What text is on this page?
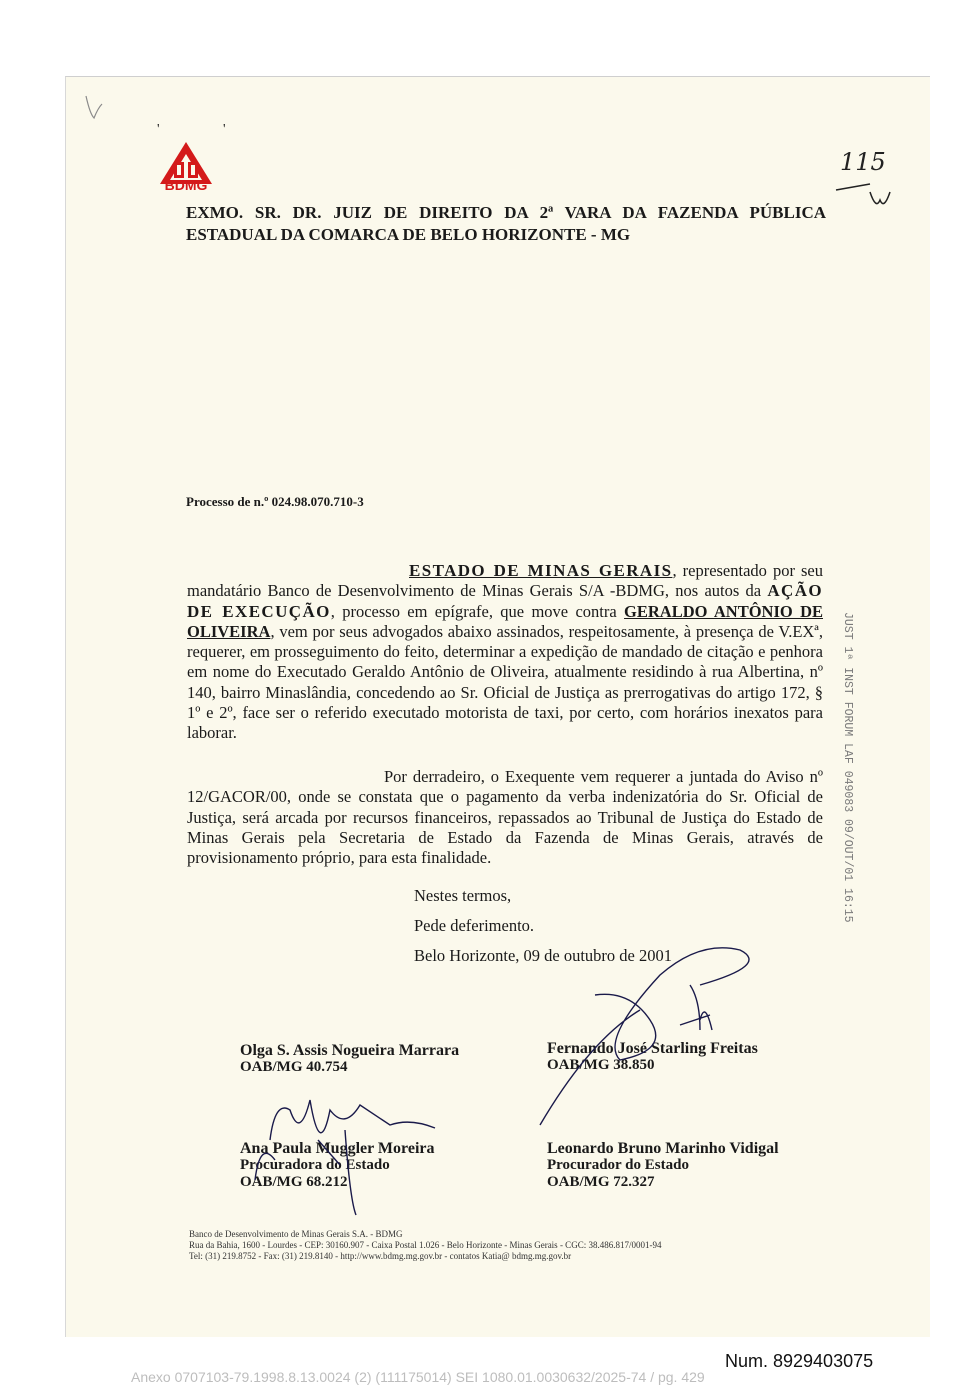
' '
BDMG
115
EXMO. SR. DR. JUIZ DE DIREITO DA 2ª VARA DA FAZENDA PÚBLICA ESTADUAL DA COMARCA DE BELO HORIZONTE - MG
Processo de n.º 024.98.070.710-3
ESTADO DE MINAS GERAIS, representado por seu mandatário Banco de Desenvolvimento de Minas Gerais S/A -BDMG, nos autos da AÇÃO DE EXECUÇÃO, processo em epígrafe, que move contra GERALDO ANTÔNIO DE OLIVEIRA, vem por seus advogados abaixo assinados, respeitosamente, à presença de V.EXª, requerer, em prosseguimento do feito, determinar a expedição de mandado de citação e penhora em nome do Executado Geraldo Antônio de Oliveira, atualmente residindo à rua Albertina, nº 140, bairro Minaslândia, concedendo ao Sr. Oficial de Justiça as prerrogativas do artigo 172, § 1º e 2º, face ser o referido executado motorista de taxi, por certo, com horários inexatos para laborar.
Por derradeiro, o Exequente vem requerer a juntada do Aviso nº 12/GACOR/00, onde se constata que o pagamento da verba indenizatória do Sr. Oficial de Justiça, será arcada por recursos financeiros, repassados ao Tribunal de Justiça do Estado de Minas Gerais pela Secretaria de Estado da Fazenda de Minas Gerais, através de provisionamento próprio, para esta finalidade.
Nestes termos,
Pede deferimento.
Belo Horizonte, 09 de outubro de 2001
Olga S. Assis Nogueira Marrara
OAB/MG 40.754
Fernando José Starling Freitas
OAB/MG 38.850
Ana Paula Muggler Moreira
Procuradora do Estado
OAB/MG 68.212
Leonardo Bruno Marinho Vidigal
Procurador do Estado
OAB/MG 72.327
Banco de Desenvolvimento de Minas Gerais S.A. - BDMG
Rua da Bahia, 1600 - Lourdes - CEP: 30160.907 - Caixa Postal 1.026 - Belo Horizonte - Minas Gerais - CGC: 38.486.817/0001-94
Tel: (31) 219.8752 - Fax: (31) 219.8140 - http://www.bdmg.mg.gov.br - contatos Katia@ bdmg.mg.gov.br
JUST 1ª INST FORUM LAF 049083 09/OUT/01 16:15
Num. 8929403075
Anexo 0707103-79.1998.8.13.0024 (2) (111175014) SEI 1080.01.0030632/2025-74 / pg. 429
